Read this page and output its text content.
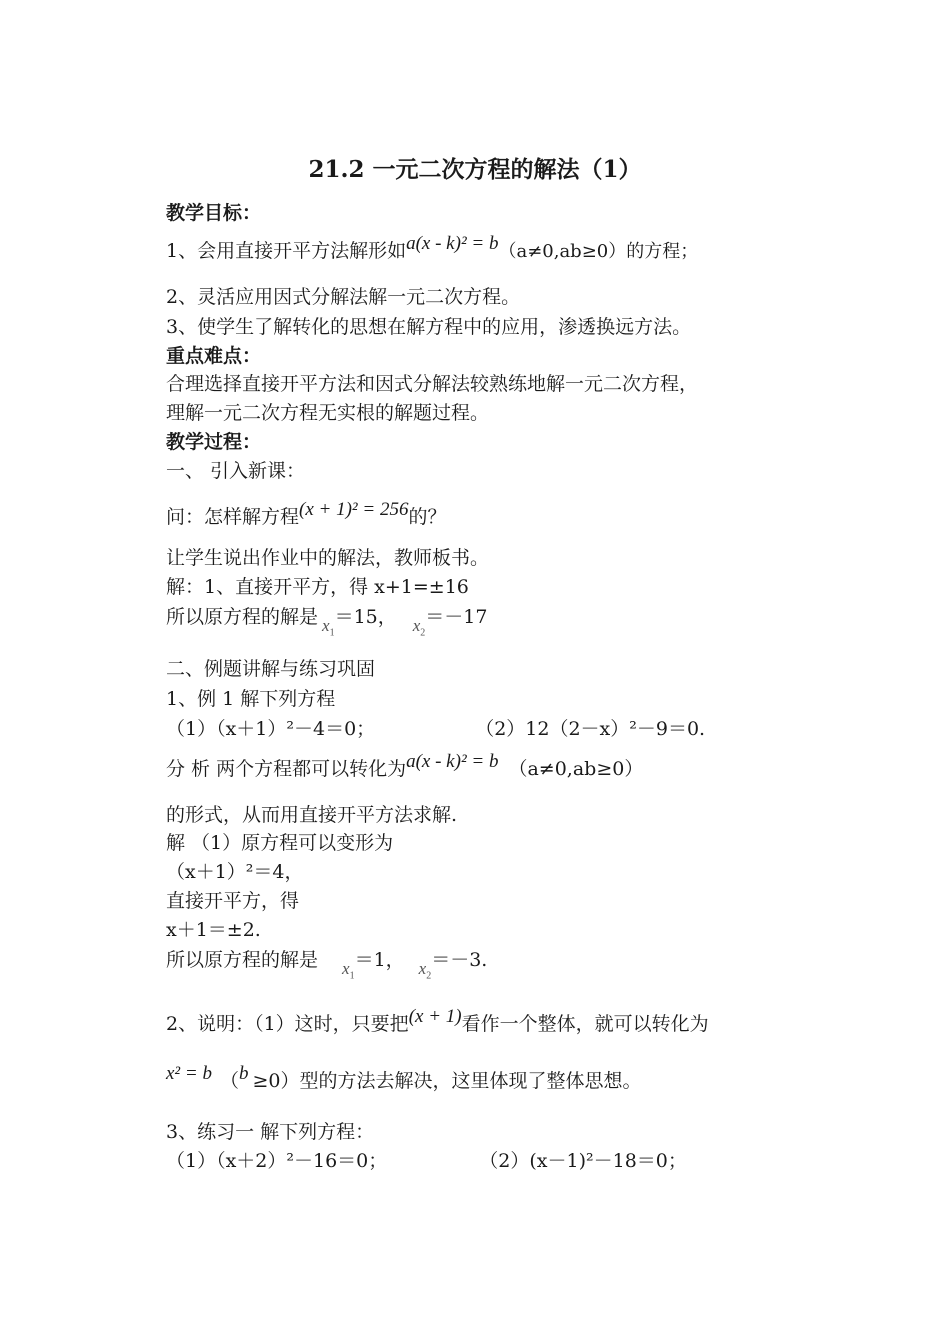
21.2 一元二次方程的解法（1）
教学目标：
1、会用直接开平方法解形如a(x - k)² = b（a≠0,ab≥0）的方程；
2、灵活应用因式分解法解一元二次方程。
3、使学生了解转化的思想在解方程中的应用，渗透换远方法。
重点难点：
合理选择直接开平方法和因式分解法较熟练地解一元二次方程，
理解一元二次方程无实根的解题过程。
教学过程：
一、 引入新课：
问：怎样解方程(x + 1)² = 256的？
让学生说出作业中的解法，教师板书。
解：1、直接开平方，得 x+1=±16
所以原方程的解是 $x_1=15$， $x_2=-17$
二、例题讲解与练习巩固
1、例 1 解下列方程
（1）（x＋1）²－4＝0；	（2）12（2－x）²－9＝0.
分 析 两个方程都可以转化为a(x - k)² = b （a≠0,ab≥0）
的形式，从而用直接开平方法求解.
解 （1）原方程可以变形为
（x＋1）²＝4，
直接开平方，得
x＋1＝±2.
所以原方程的解是 $x_1=1$， $x_2=-3$.
2、说明：（1）这时，只要把(x + 1)看作一个整体，就可以转化为
x² = b （b ≥0）型的方法去解决，这里体现了整体思想。
3、练习一 解下列方程：
（1）（x＋2）²－16＝0；	（2）(x－1)²－18＝0；
